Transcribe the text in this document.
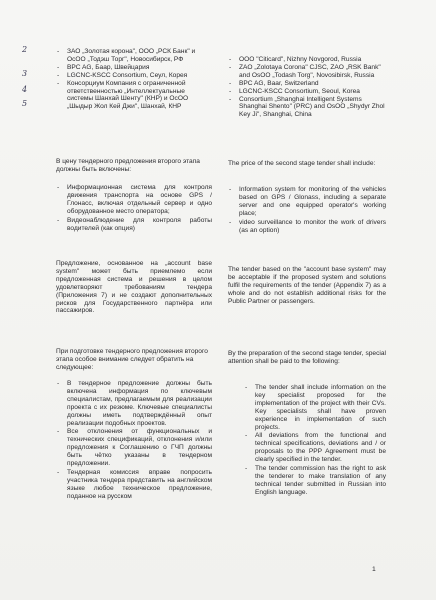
2
3
4
5
- ЗАО „Золотая корона", ООО „РСК Банк" и OcOO „Тодэш Торг", Новосибирск, РФ
- BPC AG, Баар, Швейцария
- LGCNC-KSCC Consortium, Сеул, Корея
- Консорциум Компания с ограниченной ответственностью „Интеллектуальные системы Шанхай Шенту" (КНР) и OcOO „Шыдыр Жол Кей Джи", Шанхай, КНР

В цену тендерного предложения второго этапа должны быть включены:

- Информационная система для контроля движения транспорта на основе GPS / Глонасс, включая отдельный сервер и одно оборудованное место оператора;
- Видеонаблюдение для контроля работы водителей (как опция)

Предложение, основанное на „account base system" может быть приемлемо если предложенная система и решения в целом удовлетворяют требованиям тендера (Приложения 7) и не создают дополнительных рисков для Государственного партнёра или пассажиров.

При подготовке тендерного предложения второго этапа особое внимание следует обратить на следующее:

- В тендерное предложение должны быть включена информация по ключевым специалистам, предлагаемым для реализации проекта с их резюме. Ключевые специалисты должны иметь подтверждённый опыт реализации подобных проектов.
- Все отклонения от функциональных и технических спецификаций, отклонения и/или предложения к Соглашению о ГЧП должны быть чётко указаны в тендерном предложении.
- Тендерная комиссия вправе попросить участника тендера представить на английском языке любое техническое предложение, поданное на русском
- OOO "Citicard", Nizhny Novgorod, Russia
- ZAO „Zolotaya Corona" CJSC, ZAO „RSK Bank" and OsOO „Todash Torg", Novosibirsk, Russia
- BPC AG, Baar, Switzerland
- LGCNC-KSCC Consortium, Seoul, Korea
- Consortium „Shanghai Intelligent Systems Shanghai Shento" (PRC) and OsOO „Shydyr Zhol Key Ji", Shanghai, China

The price of the second stage tender shall include:

- Information system for monitoring of the vehicles based on GPS / Glonass, including a separate server and one equipped operator's working place;
- video surveillance to monitor the work of drivers (as an option)

The tender based on the "account base system" may be acceptable if the proposed system and solutions fulfil the requirements of the tender (Appendix 7) as a whole and do not establish additional risks for the Public Partner or passengers.

By the preparation of the second stage tender, special attention shall be paid to the following:

- The tender shall include information on the key specialist proposed for the implementation of the project with their CVs. Key specialists shall have proven experience in implementation of such projects.
- All deviations from the functional and technical specifications, deviations and / or proposals to the PPP Agreement must be clearly specified in the tender.
- The tender commission has the right to ask the tenderer to make translation of any technical tender submitted in Russian into English language.
1
